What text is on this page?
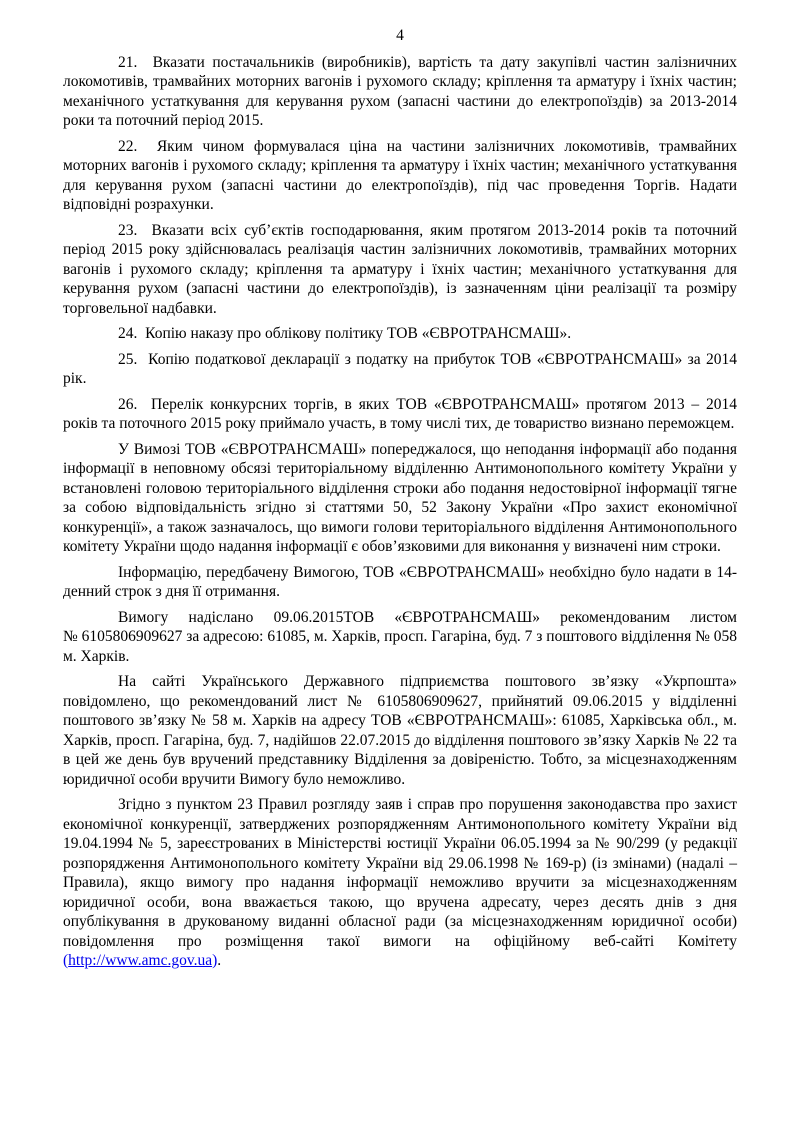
4

21.  Вказати постачальників (виробників), вартість та дату закупівлі частин залізничних локомотивів, трамвайних моторних вагонів і рухомого складу; кріплення та арматуру і їхніх частин; механічного устаткування для керування рухом (запасні частини до електропоїздів) за 2013-2014 роки та поточний період 2015.

22.  Яким чином формувалася ціна на частини залізничних локомотивів, трамвайних моторних вагонів і рухомого складу; кріплення та арматуру і їхніх частин; механічного устаткування для керування рухом (запасні частини до електропоїздів), під час проведення Торгів. Надати відповідні розрахунки.

23.  Вказати всіх суб’єктів господарювання, яким протягом 2013-2014 років та поточний період 2015 року здійснювалась реалізація частин залізничних локомотивів, трамвайних моторних вагонів і рухомого складу; кріплення та арматуру і їхніх частин; механічного устаткування для керування рухом (запасні частини до електропоїздів), із зазначенням ціни реалізації та розміру торговельної надбавки.

24.  Копію наказу про облікову політику ТОВ «ЄВРОТРАНСМАШ».

25.  Копію податкової декларації з податку на прибуток ТОВ «ЄВРОТРАНСМАШ» за 2014 рік.

26.  Перелік конкурсних торгів, в яких ТОВ «ЄВРОТРАНСМАШ» протягом 2013 – 2014 років та поточного 2015 року приймало участь, в тому числі тих, де товариство визнано переможцем.

У Вимозі ТОВ «ЄВРОТРАНСМАШ» попереджалося, що неподання інформації або подання інформації в неповному обсязі територіальному відділенню Антимонопольного комітету України у встановлені головою територіального відділення строки або подання недостовірної інформації тягне за собою відповідальність згідно зі статтями 50, 52 Закону України «Про захист економічної конкуренції», а також зазначалось, що вимоги голови територіального відділення Антимонопольного комітету України щодо надання інформації є обов’язковими для виконання у визначені ним строки.

Інформацію, передбачену Вимогою, ТОВ «ЄВРОТРАНСМАШ» необхідно було надати в 14-денний строк з дня її отримання.

Вимогу надіслано 09.06.2015ТОВ «ЄВРОТРАНСМАШ» рекомендованим листом № 6105806909627 за адресою: 61085, м. Харків, просп. Гагаріна, буд. 7 з поштового відділення № 058 м. Харків.

На сайті Українського Державного підприємства поштового зв’язку «Укрпошта» повідомлено, що рекомендований лист № 6105806909627, прийнятий 09.06.2015 у відділенні поштового зв’язку № 58 м. Харків на адресу ТОВ «ЄВРОТРАНСМАШ»: 61085, Харківська обл., м. Харків, просп. Гагаріна, буд. 7, надійшов 22.07.2015 до відділення поштового зв’язку Харків № 22 та в цей же день був вручений представнику Відділення за довіреністю. Тобто, за місцезнаходженням юридичної особи вручити Вимогу було неможливо.

Згідно з пунктом 23 Правил розгляду заяв і справ про порушення законодавства про захист економічної конкуренції, затверджених розпорядженням Антимонопольного комітету України від 19.04.1994 № 5, зареєстрованих в Міністерстві юстиції України 06.05.1994 за № 90/299 (у редакції розпорядження Антимонопольного комітету України від 29.06.1998 № 169-р) (із змінами) (надалі – Правила), якщо вимогу про надання інформації неможливо вручити за місцезнаходженням юридичної особи, вона вважається такою, що вручена адресату, через десять днів з дня опублікування в друкованому виданні обласної ради (за місцезнаходженням юридичної особи) повідомлення про розміщення такої вимоги на офіційному веб-сайті Комітету (http://www.amc.gov.ua).
